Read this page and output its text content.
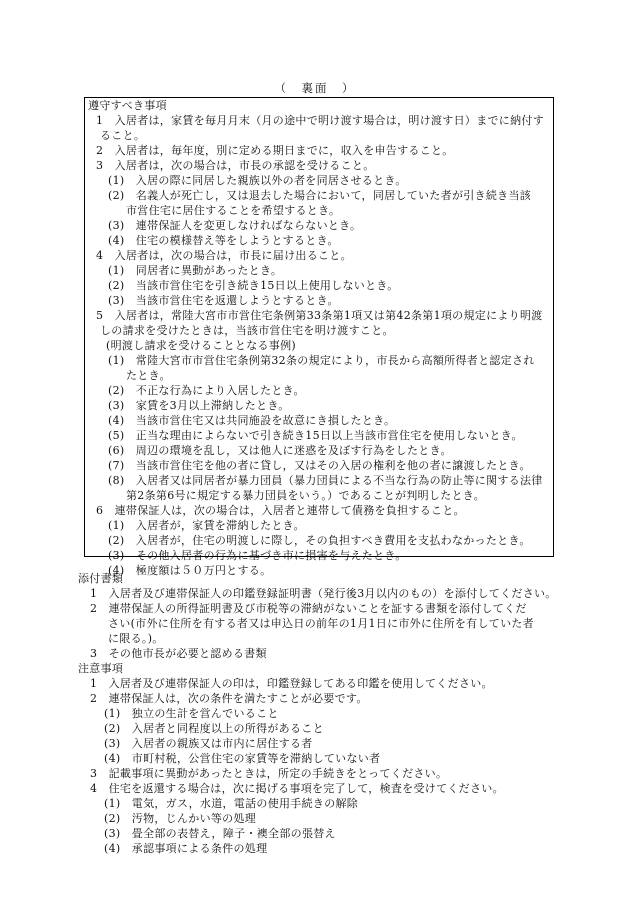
（　裏面　）
遵守すべき事項
1　入居者は，家賃を毎月月末（月の途中で明け渡す場合は，明け渡す日）までに納付す
ること。
2　入居者は，毎年度，別に定める期日までに，収入を申告すること。
3　入居者は，次の場合は，市長の承認を受けること。
(1)　入居の際に同居した親族以外の者を同居させるとき。
(2)　名義人が死亡し，又は退去した場合において，同居していた者が引き続き当該
市営住宅に居住することを希望するとき。
(3)　連帯保証人を変更しなければならないとき。
(4)　住宅の模様替え等をしようとするとき。
4　入居者は，次の場合は，市長に届け出ること。
(1)　同居者に異動があったとき。
(2)　当該市営住宅を引き続き15日以上使用しないとき。
(3)　当該市営住宅を返還しようとするとき。
5　入居者は，常陸大宮市市営住宅条例第33条第1項又は第42条第1項の規定により明渡
しの請求を受けたときは，当該市営住宅を明け渡すこと。
(明渡し請求を受けることとなる事例)
(1)　常陸大宮市市営住宅条例第32条の規定により，市長から高額所得者と認定され
たとき。
(2)　不正な行為により入居したとき。
(3)　家賃を3月以上滞納したとき。
(4)　当該市営住宅又は共同施設を故意にき損したとき。
(5)　正当な理由によらないで引き続き15日以上当該市営住宅を使用しないとき。
(6)　周辺の環境を乱し，又は他人に迷惑を及ぼす行為をしたとき。
(7)　当該市営住宅を他の者に貸し，又はその入居の権利を他の者に譲渡したとき。
(8)　入居者又は同居者が暴力団員（暴力団員による不当な行為の防止等に関する法律
第2条第6号に規定する暴力団員をいう。）であることが判明したとき。
6　連帯保証人は，次の場合は，入居者と連帯して債務を負担すること。
(1)　入居者が，家賃を滞納したとき。
(2)　入居者が，住宅の明渡しに際し，その負担すべき費用を支払わなかったとき。
(3)　その他入居者の行為に基づき市に損害を与えたとき。
(4)　極度額は５０万円とする。
添付書類
1　入居者及び連帯保証人の印鑑登録証明書（発行後3月以内のもの）を添付してください。
2　連帯保証人の所得証明書及び市税等の滞納がないことを証する書類を添付してくだ
さい(市外に住所を有する者又は申込日の前年の1月1日に市外に住所を有していた者
に限る。)。
3　その他市長が必要と認める書類
注意事項
1　入居者及び連帯保証人の印は，印鑑登録してある印鑑を使用してください。
2　連帯保証人は，次の条件を満たすことが必要です。
(1)　独立の生計を営んでいること
(2)　入居者と同程度以上の所得があること
(3)　入居者の親族又は市内に居住する者
(4)　市町村税，公営住宅の家賃等を滞納していない者
3　記載事項に異動があったときは，所定の手続きをとってください。
4　住宅を返還する場合は，次に掲げる事項を完了して，検査を受けてください。
(1)　電気，ガス，水道，電話の使用手続きの解除
(2)　汚物，じんかい等の処理
(3)　畳全部の表替え，障子・襖全部の張替え
(4)　承認事項による条件の処理
